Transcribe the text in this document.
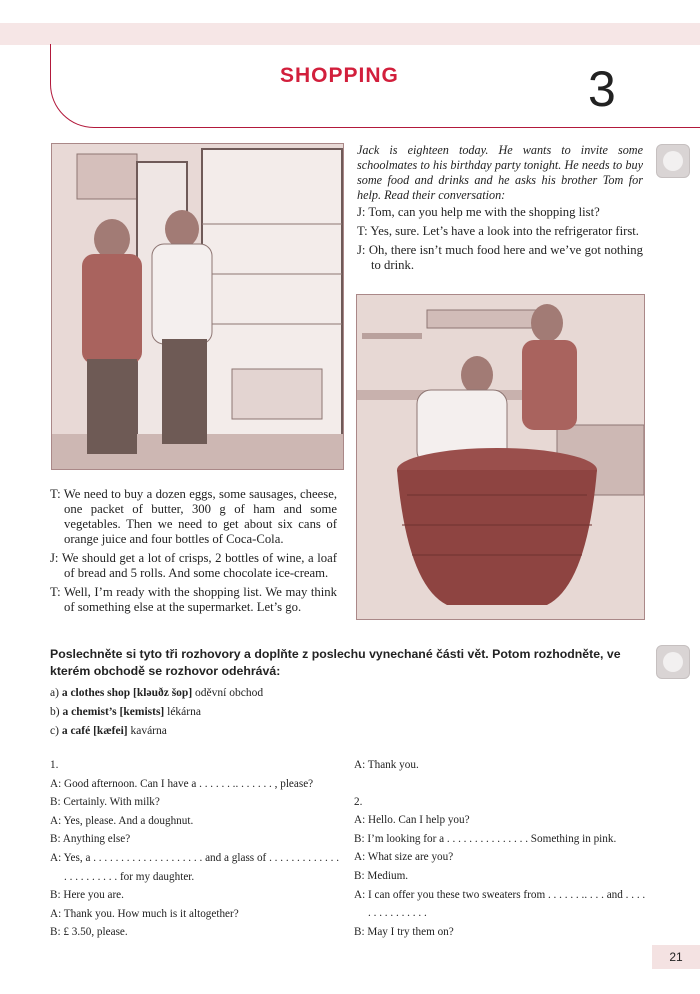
SHOPPING	3
Jack is eighteen today. He wants to invite some schoolmates to his birthday party tonight. He needs to buy some food and drinks and he asks his brother Tom for help. Read their conversation:
J: Tom, can you help me with the shopping list?
T: Yes, sure. Let’s have a look into the refrigerator first.
J: Oh, there isn’t much food here and we’ve got nothing to drink.
T: We need to buy a dozen eggs, some sausages, cheese, one packet of butter, 300 g of ham and some vegetables. Then we need to get about six cans of orange juice and four bottles of Coca-Cola.
J: We should get a lot of crisps, 2 bottles of wine, a loaf of bread and 5 rolls. And some chocolate ice-cream.
T: Well, I’m ready with the shopping list. We may think of something else at the supermarket. Let’s go.
Poslechněte si tyto tři rozhovory a doplňte z poslechu vynechané části vět. Potom rozhodněte, ve kterém obchodě se rozhovor odehrává:
a) a clothes shop [kləuðz šop] oděvní obchod
b) a chemist’s [kemists] lékárna
c) a café [kæfei] kavárna
1.
A: Good afternoon. Can I have a . . . . . . .. . . . . . . , please?
B: Certainly. With milk?
A: Yes, please. And a doughnut.
B: Anything else?
A: Yes, a . . . . . . . . . . . . . . . . . . . . and a glass of . . . . . . . . . . . . . . . . . . . . . . . for my daughter.
B: Here you are.
A: Thank you. How much is it altogether?
B: £ 3.50, please.
A: Thank you.
2.
A: Hello. Can I help you?
B: I’m looking for a . . . . . . . . . . . . . . . Something in pink.
A: What size are you?
B: Medium.
A: I can offer you these two sweaters from . . . . . . .. . . . and . . . . . . . . . . . . . . .
B: May I try them on?
21
